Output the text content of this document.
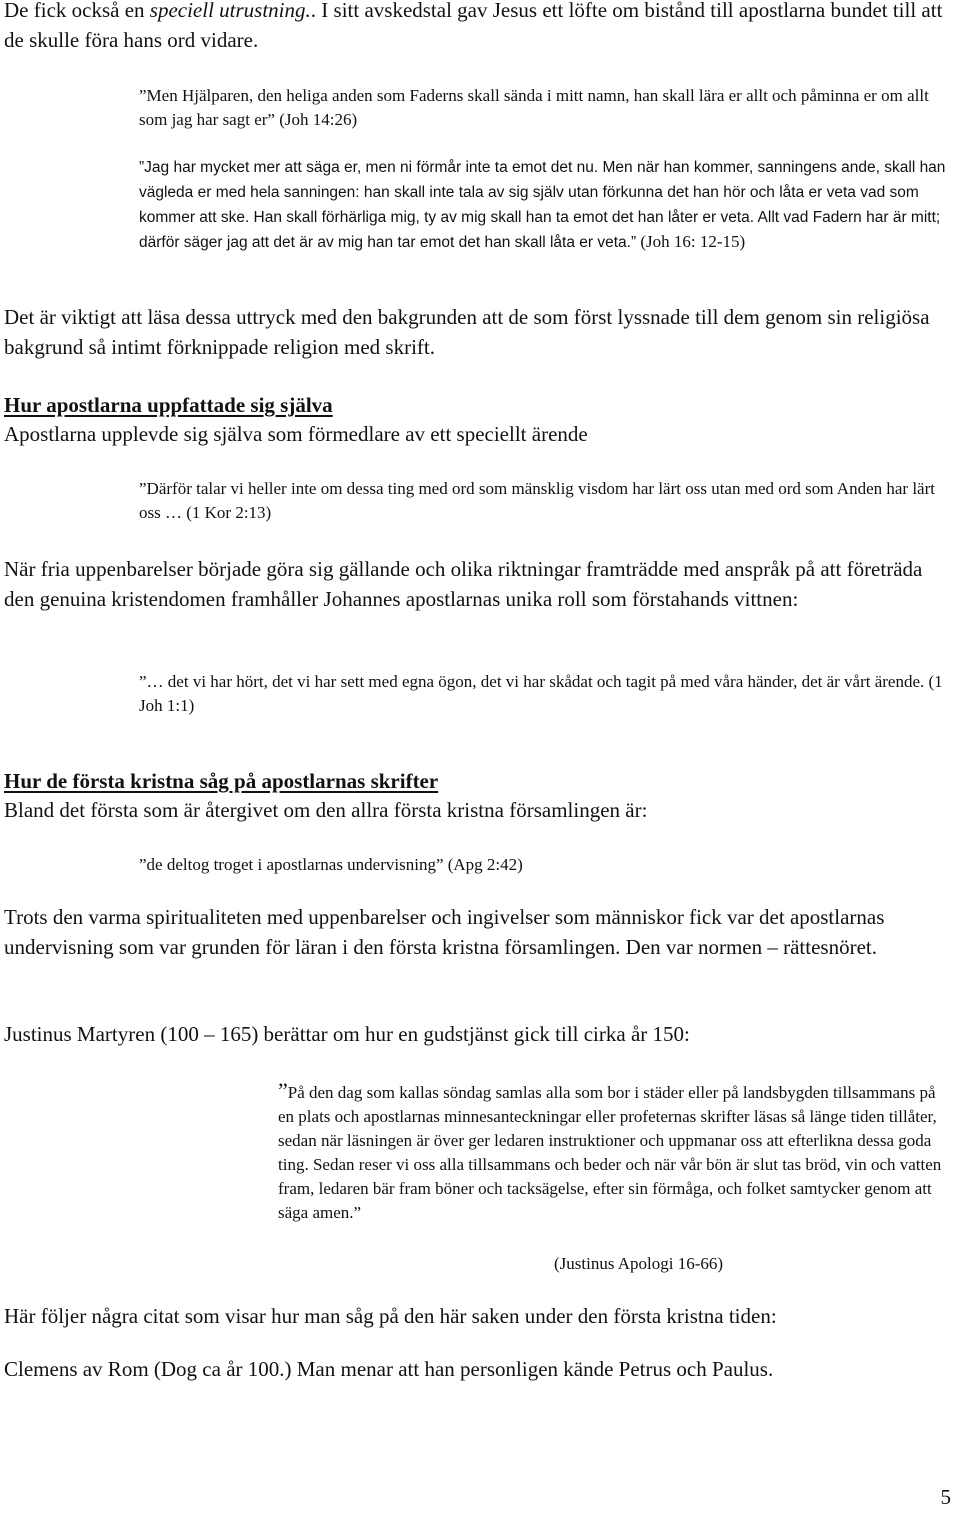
De fick också en speciell utrustning.. I sitt avskedstal gav Jesus ett löfte om bistånd till apostlarna bundet till att de skulle föra hans ord vidare.

”Men Hjälparen, den heliga anden som Faderns skall sända i mitt namn, han skall lära er allt och påminna er om allt som jag har sagt er” (Joh 14:26)

”Jag har mycket mer att säga er, men ni förmår inte ta emot det nu. Men när han kommer, sanningens ande, skall han vägleda er med hela sanningen: han skall inte tala av sig själv utan förkunna det han hör och låta er veta vad som kommer att ske. Han skall förhärliga mig, ty av mig skall han ta emot det han låter er veta. Allt vad Fadern har är mitt; därför säger jag att det är av mig han tar emot det han skall låta er veta.” (Joh 16: 12-15)

Det är viktigt att läsa dessa uttryck med den bakgrunden att de som först lyssnade till dem genom sin religiösa bakgrund så intimt förknippade religion med skrift.

Hur apostlarna uppfattade sig själva

Apostlarna upplevde sig själva som förmedlare av ett speciellt ärende

”Därför talar vi heller inte om dessa ting med ord som mänsklig visdom har lärt oss utan med ord som Anden har lärt oss … (1 Kor 2:13)

När fria uppenbarelser började göra sig gällande och olika riktningar framträdde med anspråk på att företräda den genuina kristendomen framhåller Johannes apostlarnas unika roll som förstahands vittnen:

”… det vi har hört, det vi har sett med egna ögon, det vi har skådat och tagit på med våra händer, det är vårt ärende. (1 Joh 1:1)

Hur de första kristna såg på apostlarnas skrifter

Bland det första som är återgivet om den allra första kristna församlingen är:

”de deltog troget i apostlarnas undervisning” (Apg 2:42)

Trots den varma spiritualiteten med uppenbarelser och ingivelser som människor fick var det apostlarnas undervisning som var grunden för läran i den första kristna församlingen. Den var normen – rättesnöret.

Justinus Martyren (100 – 165) berättar om hur en gudstjänst gick till cirka år 150:

”På den dag som kallas söndag samlas alla som bor i städer eller på landsbygden tillsammans på en plats och apostlarnas minnesanteckningar eller profeternas skrifter läsas så länge tiden tillåter, sedan när läsningen är över ger ledaren instruktioner och uppmanar oss att efterlikna dessa goda ting. Sedan reser vi oss alla tillsammans och beder och när vår bön är slut tas bröd, vin och vatten fram, ledaren bär fram böner och tacksägelse, efter sin förmåga, och folket samtycker genom att säga amen.”

(Justinus Apologi 16-66)

Här följer några citat som visar hur man såg på den här saken under den första kristna tiden:

Clemens av Rom (Dog ca år 100.) Man menar att han personligen kände Petrus och Paulus.

5
